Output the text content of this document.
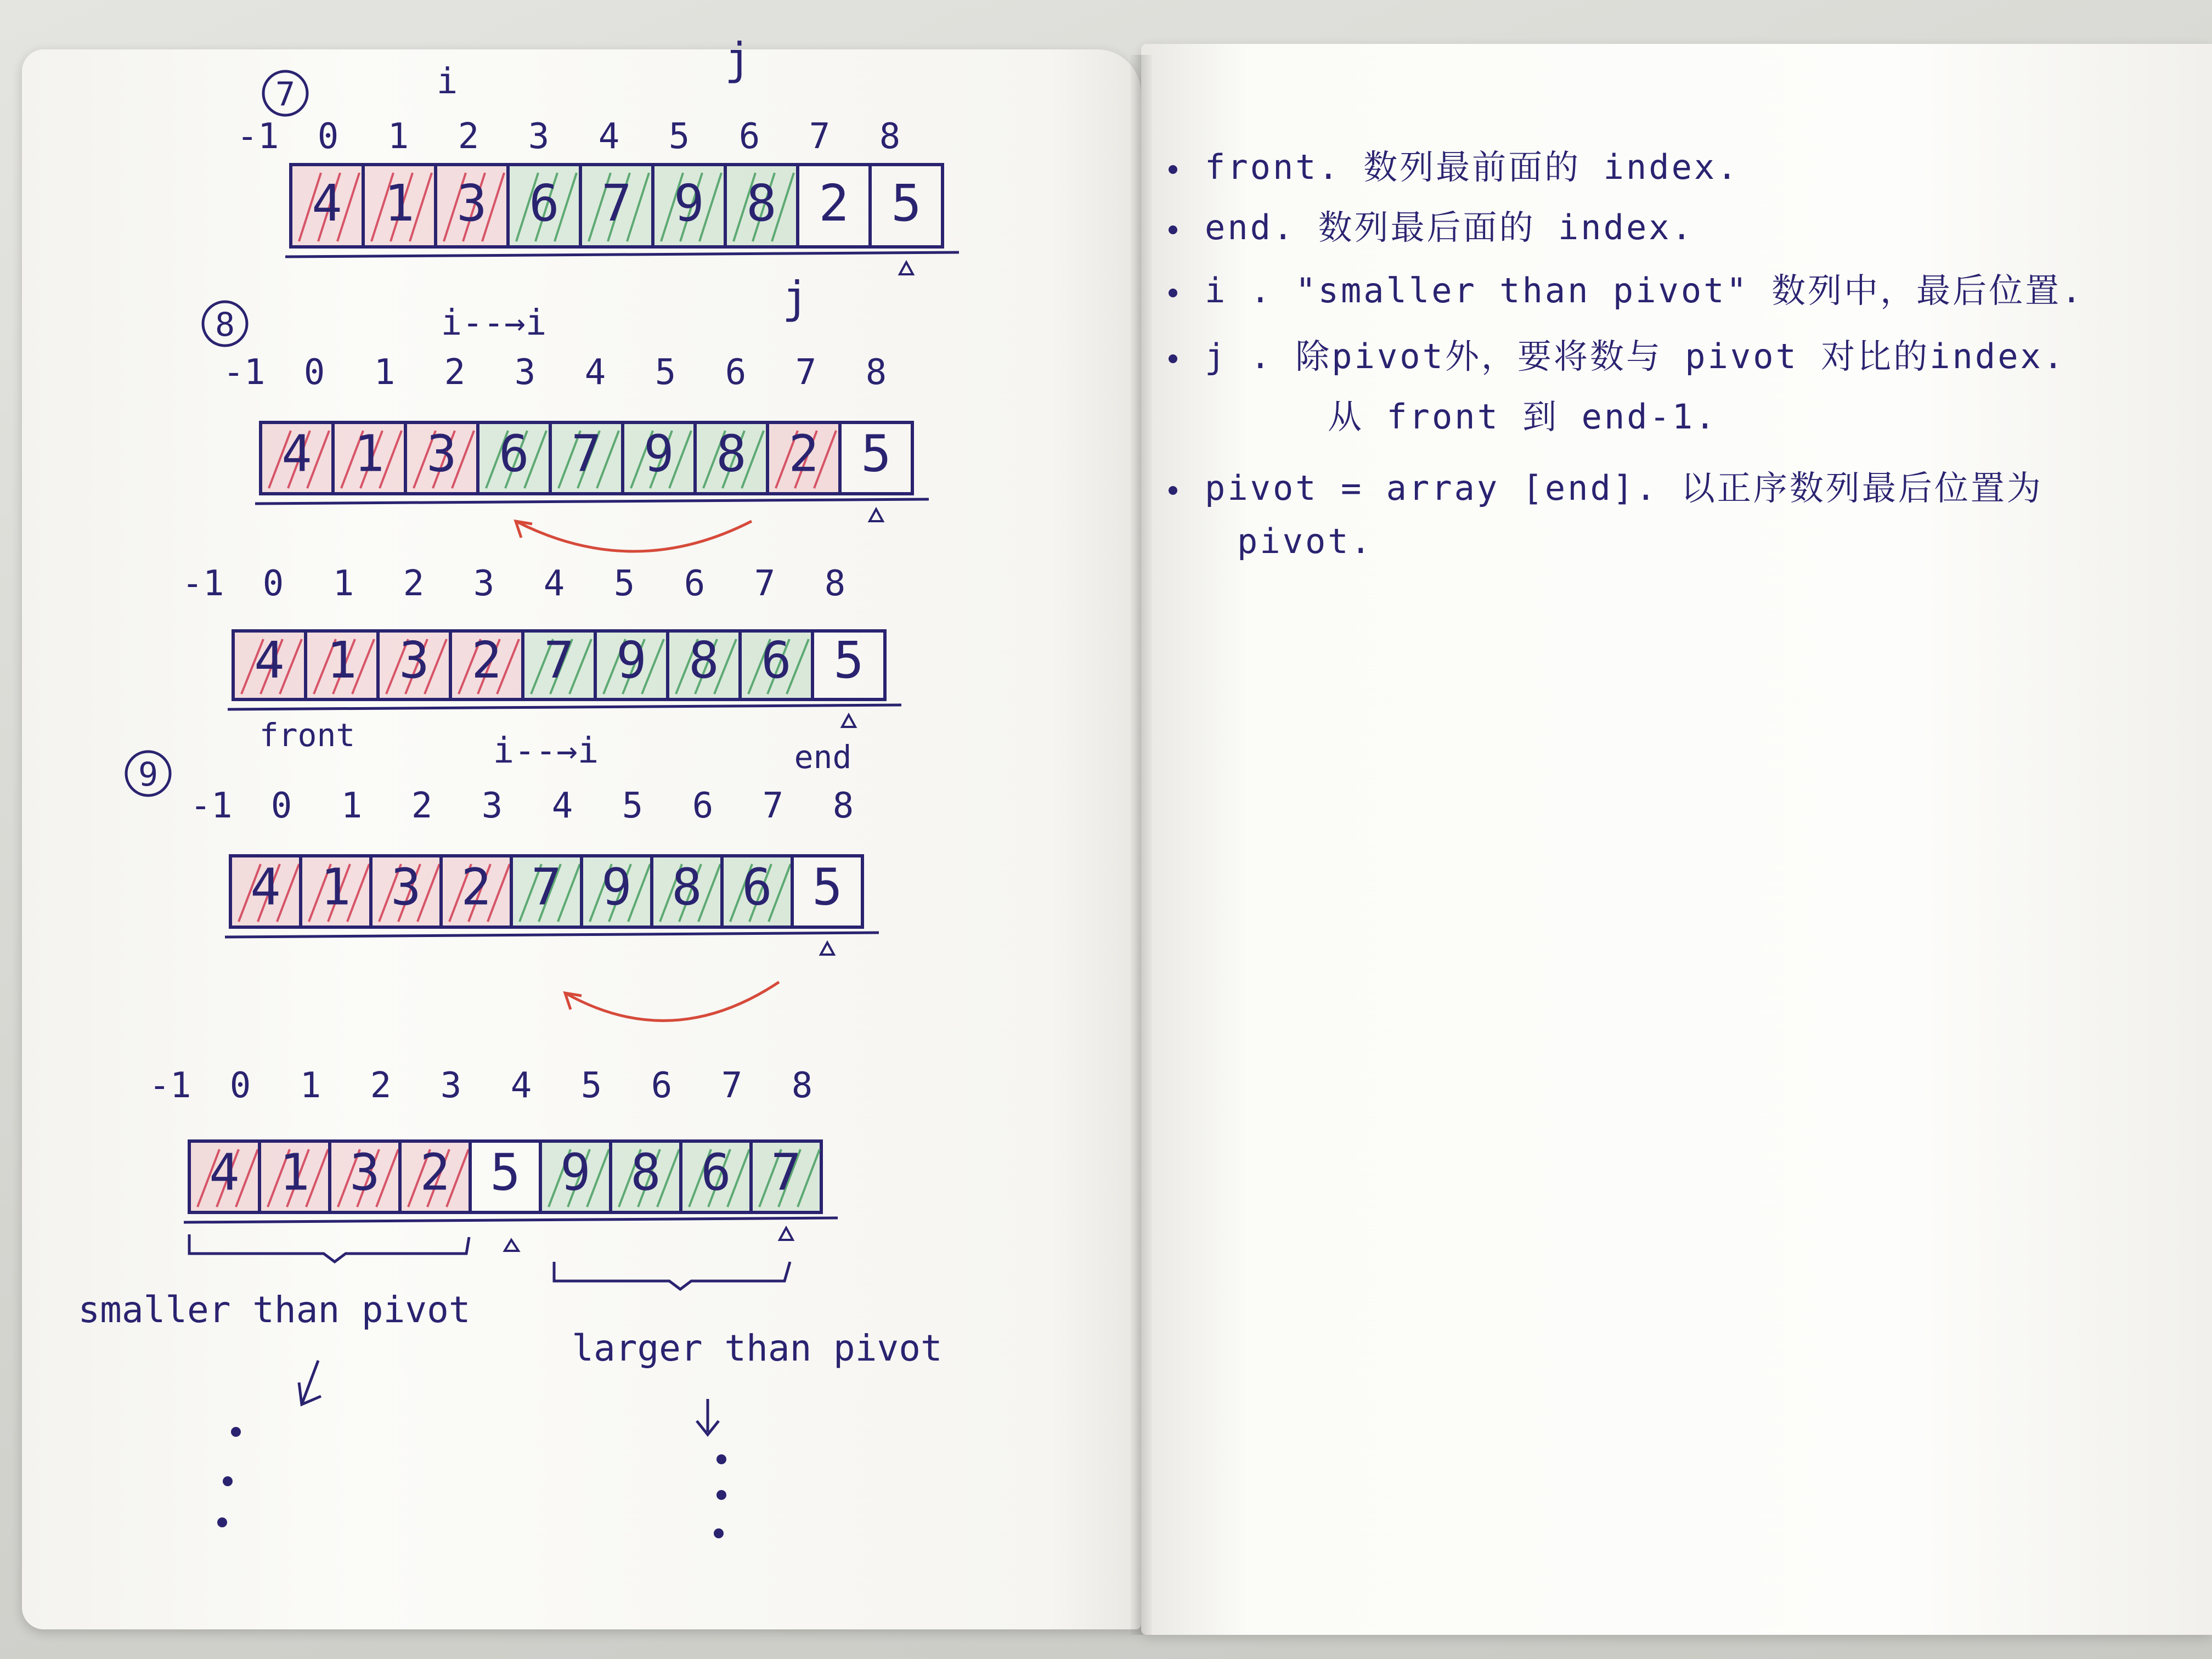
-1 0 1 2 3 4 5 6 7 8
4 1 3 6 7 9 8 2 5
7	i	j
-1 0 1 2 3 4 5 6 7 8
4 1 3 6 7 9 8 2 5
8	i--→i	j
-1 0 1 2 3 4 5 6 7 8
4 1 3 2 7 9 8 6 5
-1 0 1 2 3 4 5 6 7 8
4 1 3 2 7 9 8 6 5
9
i--→i
front
end
-1 0 1 2 3 4 5 6 7 8
4 1 3 2 5 9 8 6 7
smaller than pivot
larger than pivot
front. 数列最前面的 index.
end. 数列最后面的 index.
i . "smaller than pivot" 数列中，最后位置.
j . 除pivot外，要将数与 pivot 对比的index.
从 front 到 end-1.
pivot = array [end]. 以正序数列最后位置为
pivot.
